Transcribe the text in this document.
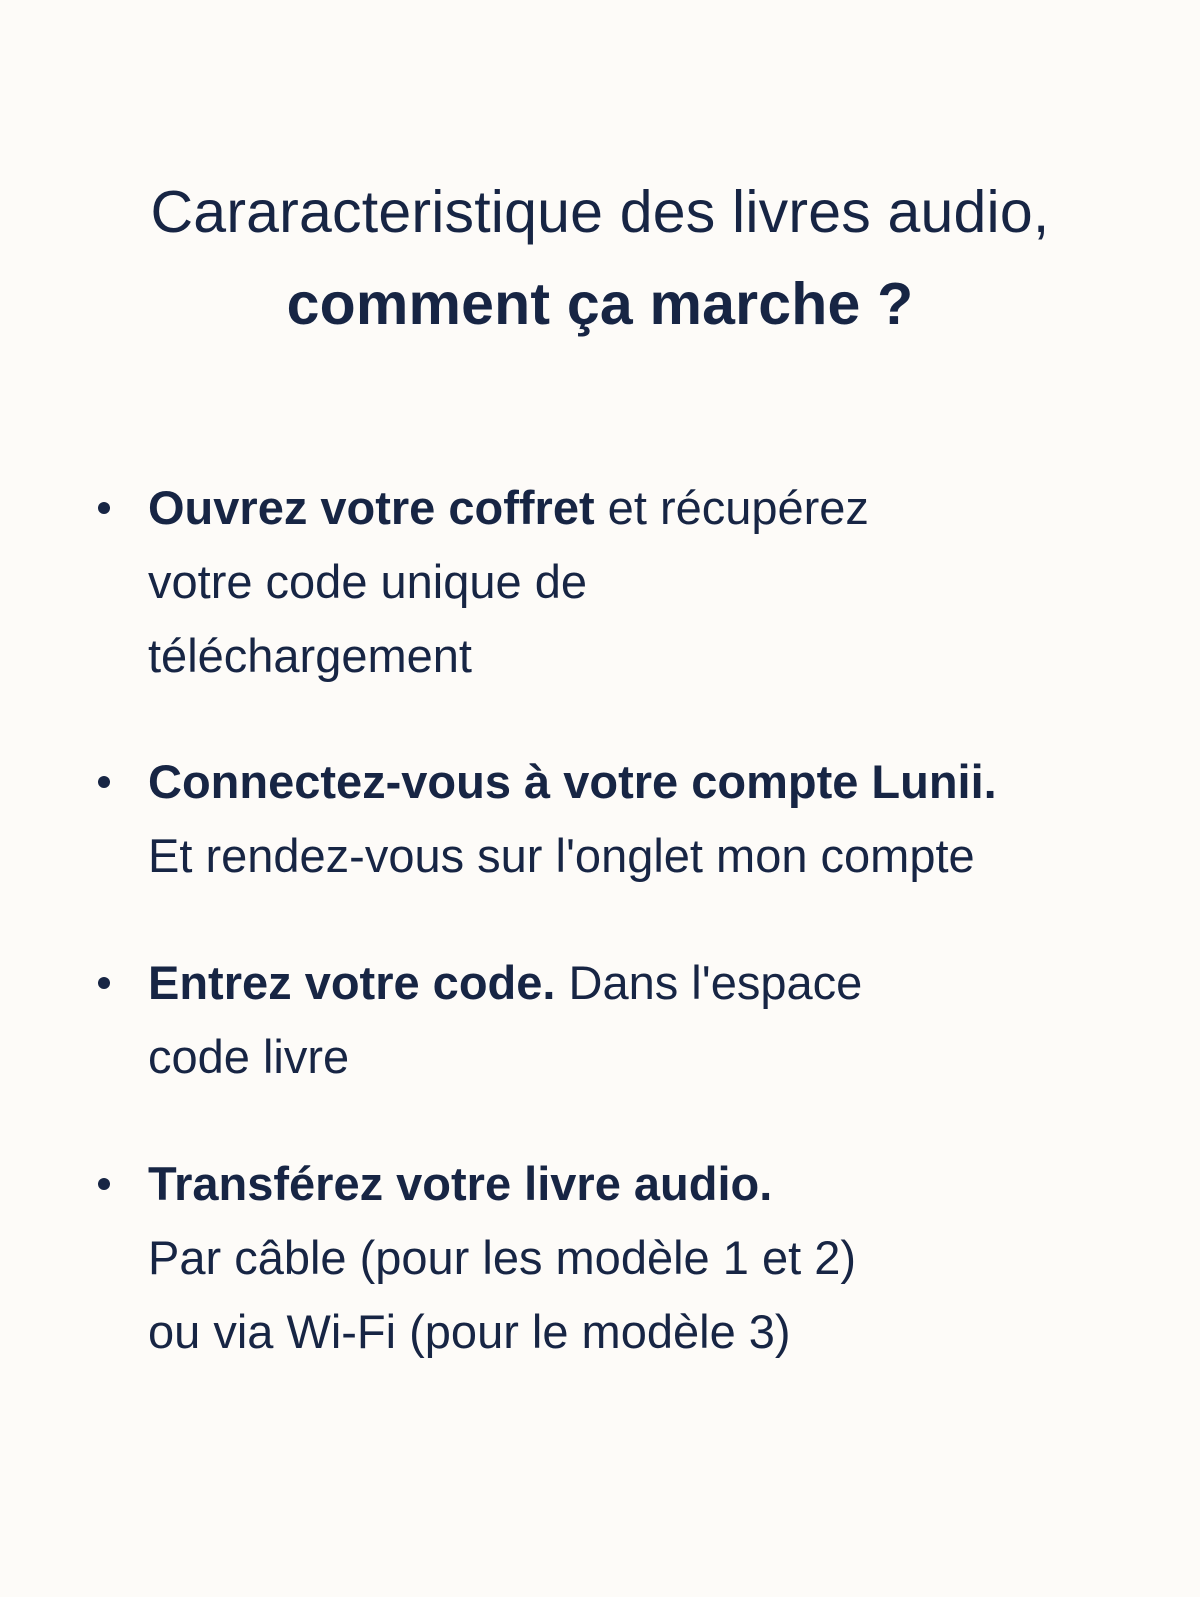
Cararacteristique des livres audio,
comment ça marche ?
Ouvrez votre coffret et récupérez
votre code unique de
téléchargement
Connectez-vous à votre compte Lunii.
Et rendez-vous sur l'onglet mon compte
Entrez votre code. Dans l'espace
code livre
Transférez votre livre audio.
Par câble (pour les modèle 1 et 2)
ou via Wi-Fi (pour le modèle 3)
